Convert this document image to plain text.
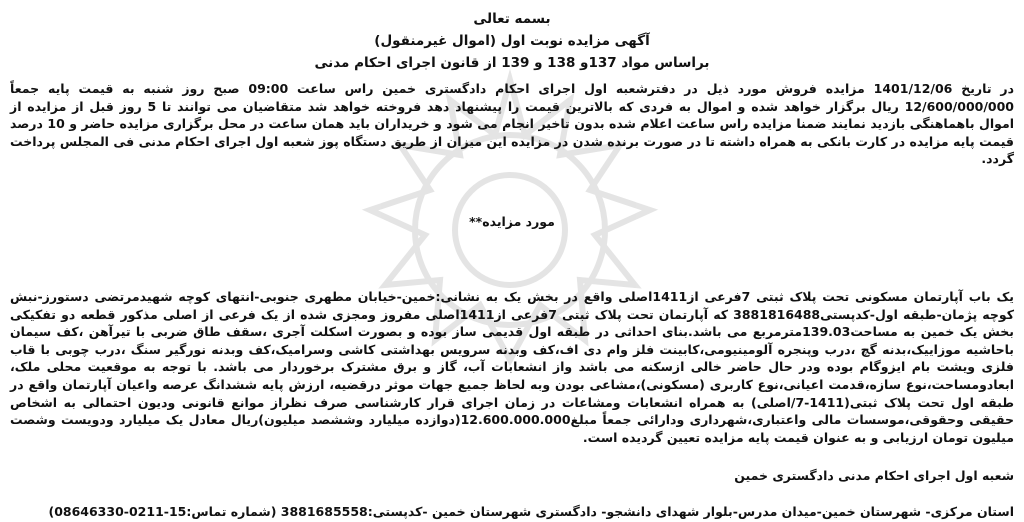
بسمه تعالی
آگهی مزایده نوبت اول (اموال غیرمنقول)
براساس مواد 137و 138 و 139 از قانون اجرای احکام مدنی
در تاریخ 1401/12/06 مزایده فروش مورد ذیل در دفترشعبه اول اجرای احکام دادگستری خمین راس ساعت 09:00 صبح روز شنبه به قیمت پایه جمعاً 12/600/000/000 ریال برگزار خواهد شده و اموال به فردی که بالاترین قیمت را پیشنهاد دهد فروخته خواهد شد متقاضیان می توانند تا 5 روز قبل از مزایده از اموال باهماهنگی بازدید نمایند ضمنا مزایده راس ساعت اعلام شده بدون تاخیر انجام می شود و خریداران باید همان ساعت در محل برگزاری مزایده حاضر و 10 درصد قیمت پایه مزایده در کارت بانکی به همراه داشته تا در صورت برنده شدن در مزایده این میزان از طریق دستگاه پوز شعبه اول اجرای احکام مدنی فی المجلس پرداخت گردد.
مورد مزایده**
یک باب آپارتمان مسکونی تحت پلاک ثبتی 7فرعی از1411اصلی واقع در بخش یک به نشانی:خمین-خیابان مطهری جنوبی-انتهای کوچه شهیدمرتضی دستورز-نبش کوچه پژمان-طبقه اول-کدپستی3881816488 که آپارتمان تحت پلاک ثبتی 7فرعی از1411اصلی مفروز ومجزی شده از یک فرعی از اصلی مذکور قطعه دو تفکیکی بخش یک خمین به مساحت139.03مترمربع می باشد.بنای احداثی در طبقه اول قدیمی ساز بوده و بصورت اسکلت آجری ،سقف طاق ضربی با تیرآهن ،کف سیمان باحاشیه موزاییک،بدنه گچ ،درب وپنجره آلومینیومی،کابینت فلز وام دی اف،کف وبدنه سرویس بهداشتی کاشی وسرامیک،کف وبدنه نورگیر سنگ ،درب چوبی با قاب فلزی ویشت بام ایزوگام بوده ودر حال حاضر خالی ازسکنه می باشد واز انشعابات آب، گاز و برق مشترک برخوردار می باشد. با توجه به موقعیت محلی ملک، ابعادومساحت،نوع سازه،قدمت اعیانی،نوع کاربری (مسکونی)،مشاعی بودن وبه لحاظ جمیع جهات موثر درقضیه، ارزش پایه ششدانگ عرصه واعیان آپارتمان واقع در طبقه اول تحت پلاک ثبتی(1411-7/اصلی) به همراه انشعابات ومشاعات در زمان اجرای قرار کارشناسی صرف نظراز موانع قانونی ودیون احتمالی به اشخاص حقیقی وحقوقی،موسسات مالی واعتباری،شهرداری ودارائی جمعاً مبلغ12.600.000.000(دوازده میلیارد وششصد میلیون)ریال معادل یک میلیارد ودویست وشصت میلیون تومان ارزیابی و به عنوان قیمت پایه مزایده تعیین گردیده است.
شعبه اول اجرای احکام مدنی دادگستری خمین
استان مرکزی- شهرستان خمین-میدان مدرس-بلوار شهدای دانشجو- دادگستری شهرستان خمین -کدپستی:3881685558 (شماره تماس:15-0211-08646330)
